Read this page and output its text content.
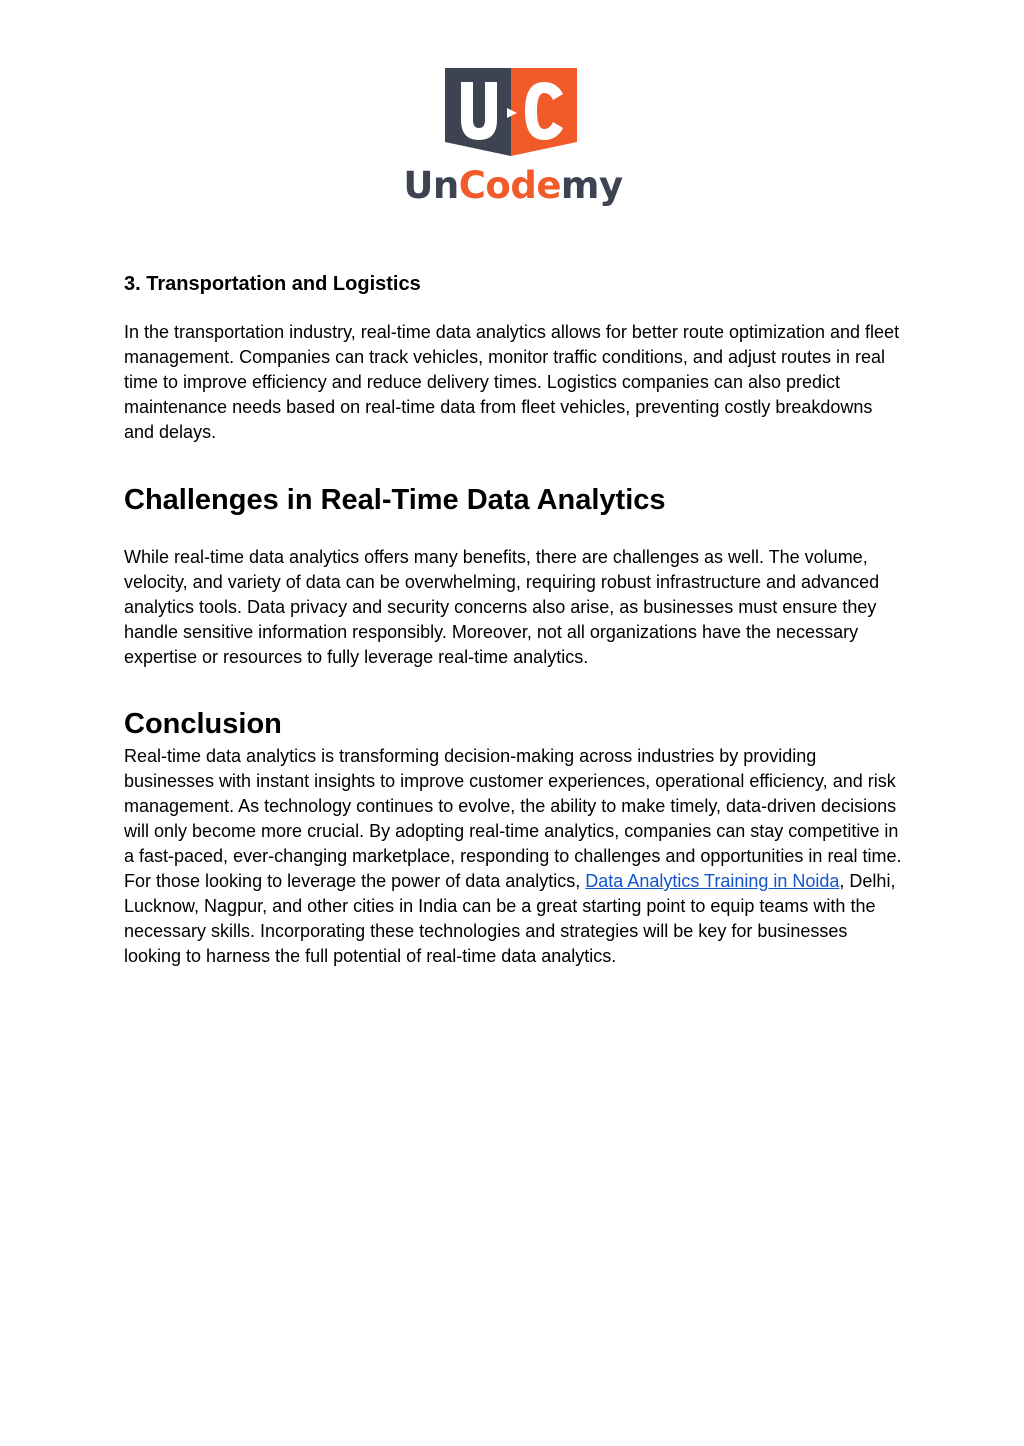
UnCodemy

3. Transportation and Logistics

In the transportation industry, real-time data analytics allows for better route optimization and fleet management. Companies can track vehicles, monitor traffic conditions, and adjust routes in real time to improve efficiency and reduce delivery times. Logistics companies can also predict maintenance needs based on real-time data from fleet vehicles, preventing costly breakdowns and delays.

Challenges in Real-Time Data Analytics

While real-time data analytics offers many benefits, there are challenges as well. The volume, velocity, and variety of data can be overwhelming, requiring robust infrastructure and advanced analytics tools. Data privacy and security concerns also arise, as businesses must ensure they handle sensitive information responsibly. Moreover, not all organizations have the necessary expertise or resources to fully leverage real-time analytics.

Conclusion

Real-time data analytics is transforming decision-making across industries by providing businesses with instant insights to improve customer experiences, operational efficiency, and risk management. As technology continues to evolve, the ability to make timely, data-driven decisions will only become more crucial. By adopting real-time analytics, companies can stay competitive in a fast-paced, ever-changing marketplace, responding to challenges and opportunities in real time. For those looking to leverage the power of data analytics, Data Analytics Training in Noida, Delhi, Lucknow, Nagpur, and other cities in India can be a great starting point to equip teams with the necessary skills. Incorporating these technologies and strategies will be key for businesses looking to harness the full potential of real-time data analytics.
